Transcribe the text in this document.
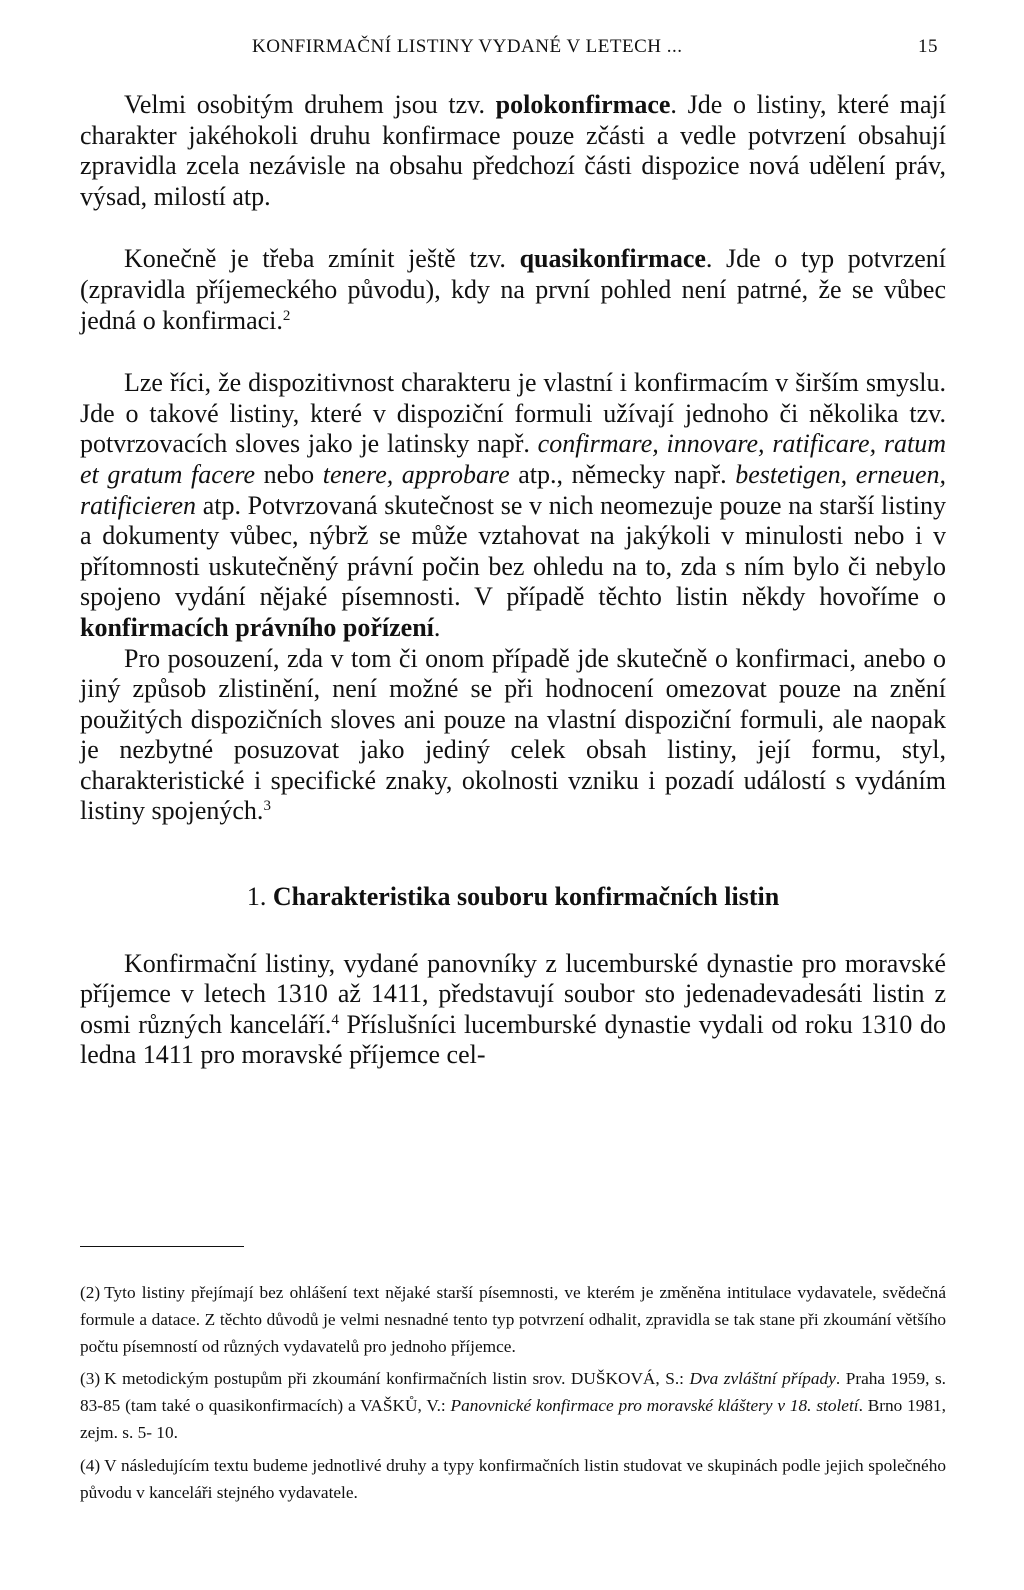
KONFIRMAČNÍ LISTINY VYDANÉ V LETECH ...	15

Velmi osobitým druhem jsou tzv. polokonfirmace. Jde o listiny, které mají charakter jakéhokoli druhu konfirmace pouze zčásti a vedle potvrzení obsahují zpravidla zcela nezávisle na obsahu předchozí části dispozice nová udělení práv, výsad, milostí atp.

Konečně je třeba zmínit ještě tzv. quasikonfirmace. Jde o typ potvrzení (zpravidla příjemeckého původu), kdy na první pohled není patrné, že se vůbec jedná o konfirmaci.$^2$

Lze říci, že dispozitivnost charakteru je vlastní i konfirmacím v širším smyslu. Jde o takové listiny, které v dispoziční formuli užívají jednoho či několika tzv. potvrzovacích sloves jako je latinsky např. confirmare, innovare, ratificare, ratum et gratum facere nebo tenere, approbare atp., německy např. bestetigen, erneuen, ratificieren atp. Potvrzovaná skutečnost se v nich neomezuje pouze na starší listiny a dokumenty vůbec, nýbrž se může vztahovat na jakýkoli v minulosti nebo i v přítomnosti uskutečněný právní počin bez ohledu na to, zda s ním bylo či nebylo spojeno vydání nějaké písemnosti. V případě těchto listin někdy hovoříme o konfirmacích právního pořízení.

Pro posouzení, zda v tom či onom případě jde skutečně o konfirmaci, anebo o jiný způsob zlistinění, není možné se při hodnocení omezovat pouze na znění použitých dispozičních sloves ani pouze na vlastní dispoziční formuli, ale naopak je nezbytné posuzovat jako jediný celek obsah listiny, její formu, styl, charakteristické i specifické znaky, okolnosti vzniku i pozadí událostí s vydáním listiny spojených.$^3$

1. Charakteristika souboru konfirmačních listin

Konfirmační listiny, vydané panovníky z lucemburské dynastie pro moravské příjemce v letech 1310 až 1411, představují soubor sto jedenadevadesáti listin z osmi různých kanceláří.$^4$ Příslušníci lucemburské dynastie vydali od roku 1310 do ledna 1411 pro moravské příjemce cel-

(2) Tyto listiny přejímají bez ohlášení text nějaké starší písemnosti, ve kterém je změněna intitulace vydavatele, svědečná formule a datace. Z těchto důvodů je velmi nesnadné tento typ potvrzení odhalit, zpravidla se tak stane při zkoumání většího počtu písemností od různých vydavatelů pro jednoho příjemce.

(3) K metodickým postupům při zkoumání konfirmačních listin srov. DUŠKOVÁ, S.: Dva zvláštní případy. Praha 1959, s. 83-85 (tam také o quasikonfirmacích) a VAŠKŮ, V.: Panovnické konfirmace pro moravské kláštery v 18. století. Brno 1981, zejm. s. 5- 10.

(4) V následujícím textu budeme jednotlivé druhy a typy konfirmačních listin studovat ve skupinách podle jejich společného původu v kanceláři stejného vydavatele.
